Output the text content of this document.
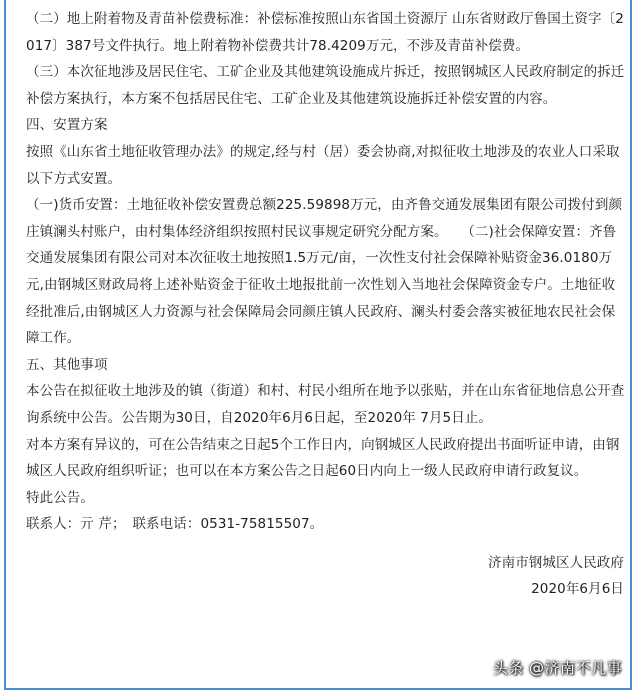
（二）地上附着物及青苗补偿费标准：补偿标准按照山东省国土资源厅 山东省财政厅鲁国土资字〔2017〕387号文件执行。地上附着物补偿费共计78.4209万元，不涉及青苗补偿费。

（三）本次征地涉及居民住宅、工矿企业及其他建筑设施成片拆迁，按照钢城区人民政府制定的拆迁补偿方案执行，本方案不包括居民住宅、工矿企业及其他建筑设施拆迁补偿安置的内容。

四、安置方案

按照《山东省土地征收管理办法》的规定,经与村（居）委会协商,对拟征收土地涉及的农业人口采取以下方式安置。

（一)货币安置：土地征收补偿安置费总额225.59898万元，由齐鲁交通发展集团有限公司拨付到颜庄镇澜头村账户，由村集体经济组织按照村民议事规定研究分配方案。　　（二)社会保障安置：齐鲁交通发展集团有限公司对本次征收土地按照1.5万元/亩，一次性支付社会保障补贴资金36.0180万元,由钢城区财政局将上述补贴资金于征收土地报批前一次性划入当地社会保障资金专户。土地征收经批准后,由钢城区人力资源与社会保障局会同颜庄镇人民政府、澜头村委会落实被征地农民社会保障工作。

五、其他事项

本公告在拟征收土地涉及的镇（街道）和村、村民小组所在地予以张贴，并在山东省征地信息公开查询系统中公告。公告期为30日，自2020年6月6日起，至2020年 7月5日止。

对本方案有异议的，可在公告结束之日起5个工作日内，向钢城区人民政府提出书面听证申请，由钢城区人民政府组织听证；也可以在本方案公告之日起60日内向上一级人民政府申请行政复议。

特此公告。

联系人：亓 芹；　联系电话：0531-75815507。

济南市钢城区人民政府

2020年6月6日

头条 @济南不凡事
